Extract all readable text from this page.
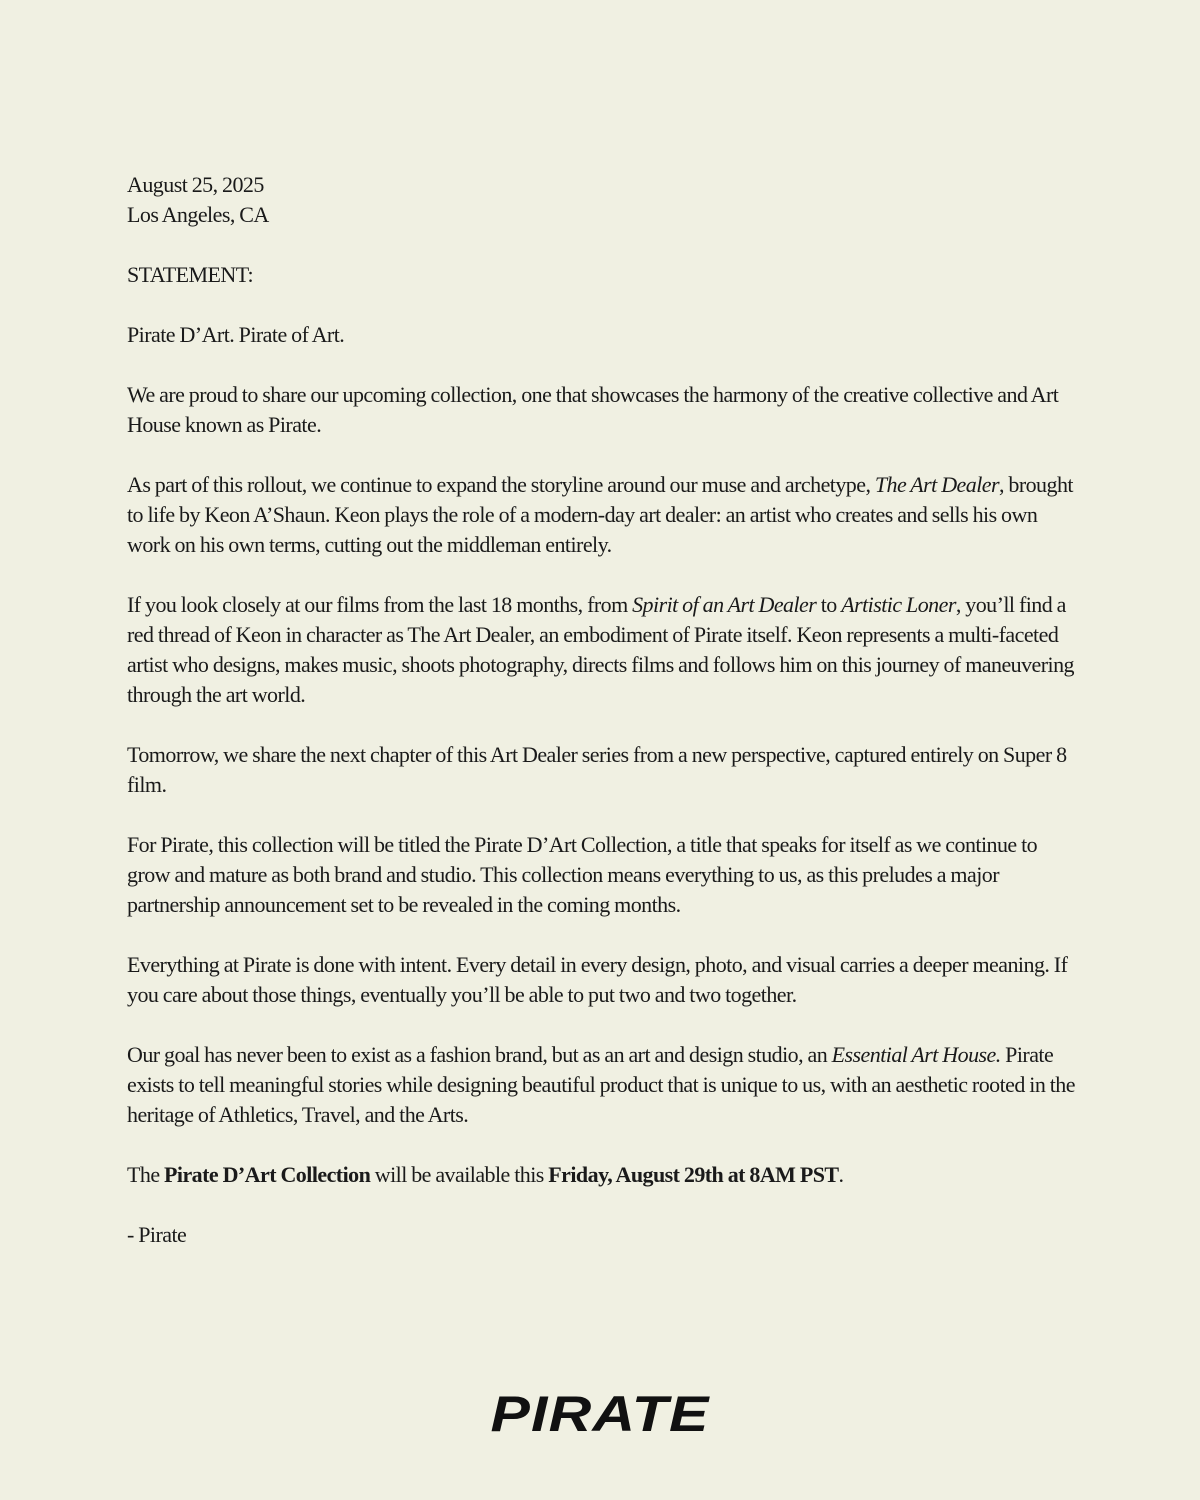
August 25, 2025
Los Angeles, CA

STATEMENT:

Pirate D’Art. Pirate of Art.

We are proud to share our upcoming collection, one that showcases the harmony of the creative collective and Art House known as Pirate.

As part of this rollout, we continue to expand the storyline around our muse and archetype, The Art Dealer, brought to life by Keon A’Shaun. Keon plays the role of a modern-day art dealer: an artist who creates and sells his own work on his own terms, cutting out the middleman entirely.

If you look closely at our films from the last 18 months, from Spirit of an Art Dealer to Artistic Loner, you’ll find a red thread of Keon in character as The Art Dealer, an embodiment of Pirate itself. Keon represents a multi-faceted artist who designs, makes music, shoots photography, directs films and follows him on this journey of maneuvering through the art world.

Tomorrow, we share the next chapter of this Art Dealer series from a new perspective, captured entirely on Super 8 film.

For Pirate, this collection will be titled the Pirate D’Art Collection, a title that speaks for itself as we continue to grow and mature as both brand and studio. This collection means everything to us, as this preludes a major partnership announcement set to be revealed in the coming months.

Everything at Pirate is done with intent. Every detail in every design, photo, and visual carries a deeper meaning. If you care about those things, eventually you’ll be able to put two and two together.

Our goal has never been to exist as a fashion brand, but as an art and design studio, an Essential Art House. Pirate exists to tell meaningful stories while designing beautiful product that is unique to us, with an aesthetic rooted in the heritage of Athletics, Travel, and the Arts.

The Pirate D’Art Collection will be available this Friday, August 29th at 8AM PST.

- Pirate

PIRATE
